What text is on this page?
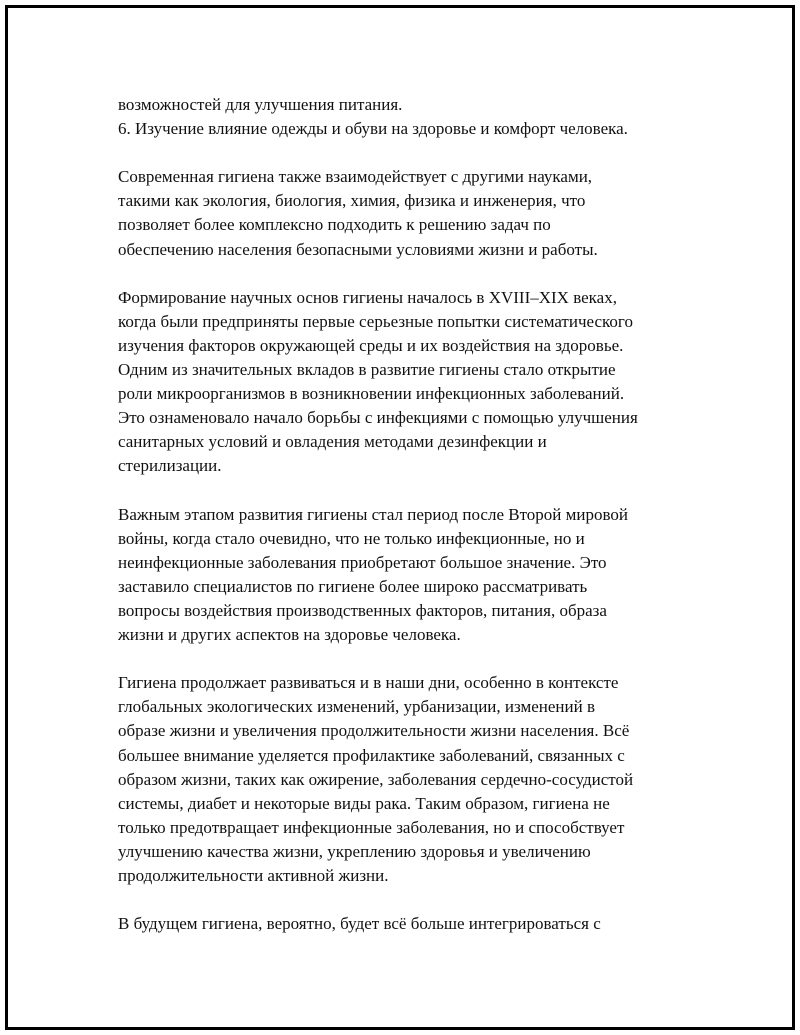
возможностей для улучшения питания.
6. Изучение влияние одежды и обуви на здоровье и комфорт человека.
Современная гигиена также взаимодействует с другими науками,
такими как экология, биология, химия, физика и инженерия, что
позволяет более комплексно подходить к решению задач по
обеспечению населения безопасными условиями жизни и работы.
Формирование научных основ гигиены началось в XVIII–XIX веках,
когда были предприняты первые серьезные попытки систематического
изучения факторов окружающей среды и их воздействия на здоровье.
Одним из значительных вкладов в развитие гигиены стало открытие
роли микроорганизмов в возникновении инфекционных заболеваний.
Это ознаменовало начало борьбы с инфекциями с помощью улучшения
санитарных условий и овладения методами дезинфекции и
стерилизации.
Важным этапом развития гигиены стал период после Второй мировой
войны, когда стало очевидно, что не только инфекционные, но и
неинфекционные заболевания приобретают большое значение. Это
заставило специалистов по гигиене более широко рассматривать
вопросы воздействия производственных факторов, питания, образа
жизни и других аспектов на здоровье человека.
Гигиена продолжает развиваться и в наши дни, особенно в контексте
глобальных экологических изменений, урбанизации, изменений в
образе жизни и увеличения продолжительности жизни населения. Всё
большее внимание уделяется профилактике заболеваний, связанных с
образом жизни, таких как ожирение, заболевания сердечно-сосудистой
системы, диабет и некоторые виды рака. Таким образом, гигиена не
только предотвращает инфекционные заболевания, но и способствует
улучшению качества жизни, укреплению здоровья и увеличению
продолжительности активной жизни.
В будущем гигиена, вероятно, будет всё больше интегрироваться с
